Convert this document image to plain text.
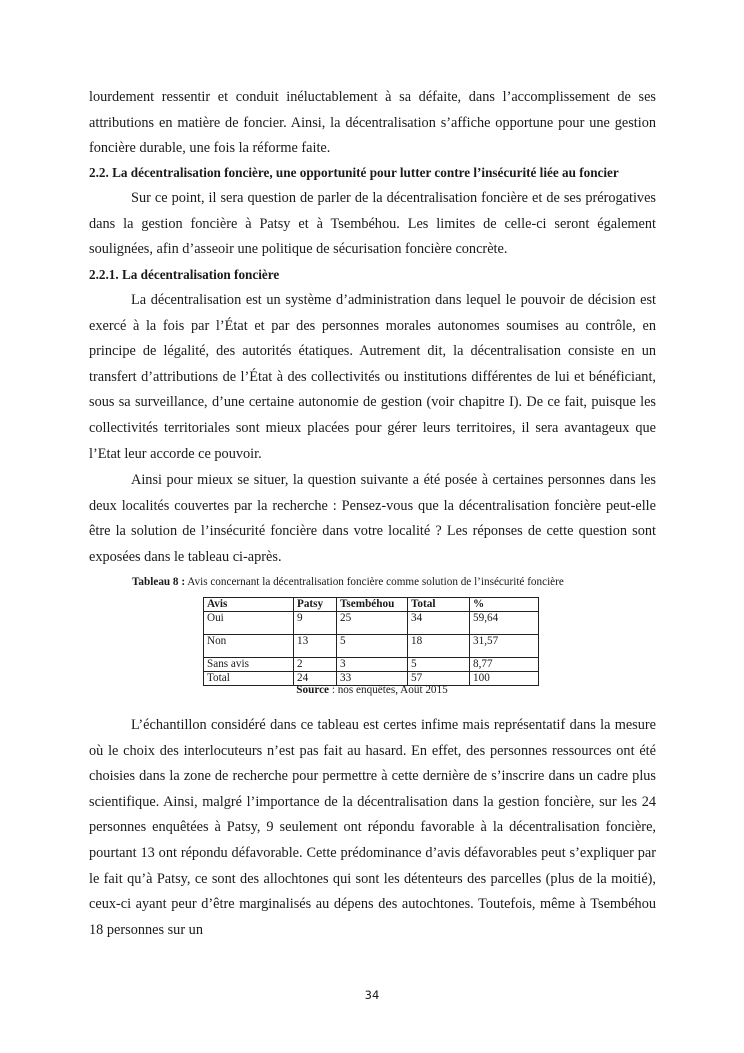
lourdement ressentir et conduit inéluctablement à sa défaite, dans l’accomplissement de ses attributions en matière de foncier. Ainsi, la décentralisation s’affiche opportune pour une gestion foncière durable, une fois la réforme faite.

2.2. La décentralisation foncière, une opportunité pour lutter contre l’insécurité liée au foncier

Sur ce point, il sera question de parler de la décentralisation foncière et de ses prérogatives dans la gestion foncière à Patsy et à Tsembéhou. Les limites de celle-ci seront également soulignées, afin d’asseoir une politique de sécurisation foncière concrète.

2.2.1. La décentralisation foncière

La décentralisation est un système d’administration dans lequel le pouvoir de décision est exercé à la fois par l’État et par des personnes morales autonomes soumises au contrôle, en principe de légalité, des autorités étatiques. Autrement dit, la décentralisation consiste en un transfert d’attributions de l’État à des collectivités ou institutions différentes de lui et bénéficiant, sous sa surveillance, d’une certaine autonomie de gestion (voir chapitre I). De ce fait, puisque les collectivités territoriales sont mieux placées pour gérer leurs territoires, il sera avantageux que l’Etat leur accorde ce pouvoir.

Ainsi pour mieux se situer, la question suivante a été posée à certaines personnes dans les deux localités couvertes par la recherche : Pensez-vous que la décentralisation foncière peut-elle être la solution de l’insécurité foncière dans votre localité ? Les réponses de cette question sont exposées dans le tableau ci-après.

Tableau 8 : Avis concernant la décentralisation foncière comme solution de l’insécurité foncière
Avis	Patsy	Tsembéhou	Total	%
Oui	9	25	34	59,64
Non	13	5	18	31,57
Sans avis	2	3	5	8,77
Total	24	33	57	100
Source : nos enquêtes, Août 2015

L’échantillon considéré dans ce tableau est certes infime mais représentatif dans la mesure où le choix des interlocuteurs n’est pas fait au hasard. En effet, des personnes ressources ont été choisies dans la zone de recherche pour permettre à cette dernière de s’inscrire dans un cadre plus scientifique. Ainsi, malgré l’importance de la décentralisation dans la gestion foncière, sur les 24 personnes enquêtées à Patsy, 9 seulement ont répondu favorable à la décentralisation foncière, pourtant 13 ont répondu défavorable. Cette prédominance d’avis défavorables peut s’expliquer par le fait qu’à Patsy, ce sont des allochtones qui sont les détenteurs des parcelles (plus de la moitié), ceux-ci ayant peur d’être marginalisés au dépens des autochtones. Toutefois, même à Tsembéhou 18 personnes sur un

34
